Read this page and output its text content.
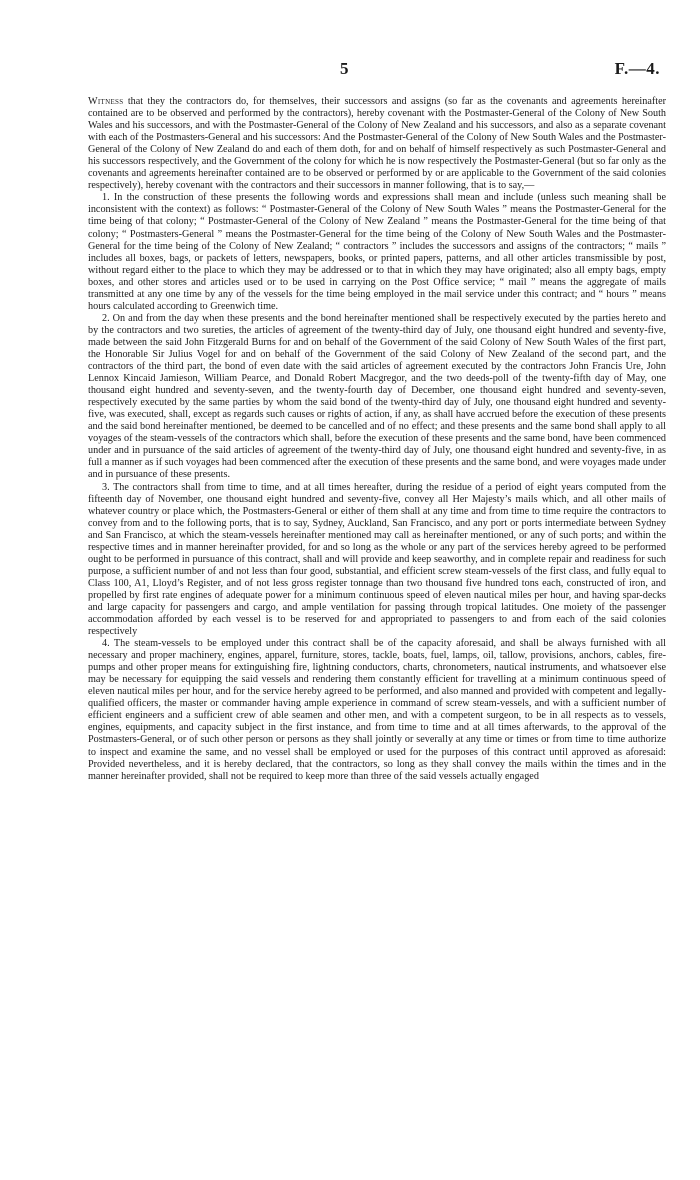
5	F.—4.

Witness that they the contractors do, for themselves, their successors and assigns (so far as the covenants and agreements hereinafter contained are to be observed and performed by the contractors), hereby covenant with the Postmaster-General of the Colony of New South Wales and his successors, and with the Postmaster-General of the Colony of New Zealand and his successors, and also as a separate covenant with each of the Postmasters-General and his successors: And the Postmaster-General of the Colony of New South Wales and the Postmaster-General of the Colony of New Zealand do and each of them doth, for and on behalf of himself respectively as such Postmaster-General and his successors respectively, and the Government of the colony for which he is now respectively the Postmaster-General (but so far only as the covenants and agreements hereinafter contained are to be observed or performed by or are applicable to the Government of the said colonies respectively), hereby covenant with the contractors and their successors in manner following, that is to say,—

1. In the construction of these presents the following words and expressions shall mean and include (unless such meaning shall be inconsistent with the context) as follows: “ Postmaster-General of the Colony of New South Wales ” means the Postmaster-General for the time being of that colony; “ Postmaster-General of the Colony of New Zealand ” means the Postmaster-General for the time being of that colony; “ Postmasters-General ” means the Postmaster-General for the time being of the Colony of New South Wales and the Postmaster-General for the time being of the Colony of New Zealand; “ contractors ” includes the successors and assigns of the contractors; “ mails ” includes all boxes, bags, or packets of letters, newspapers, books, or printed papers, patterns, and all other articles transmissible by post, without regard either to the place to which they may be addressed or to that in which they may have originated; also all empty bags, empty boxes, and other stores and articles used or to be used in carrying on the Post Office service; “ mail ” means the aggregate of mails transmitted at any one time by any of the vessels for the time being employed in the mail service under this contract; and “ hours ” means hours calculated according to Greenwich time.

2. On and from the day when these presents and the bond hereinafter mentioned shall be respectively executed by the parties hereto and by the contractors and two sureties, the articles of agreement of the twenty-third day of July, one thousand eight hundred and seventy-five, made between the said John Fitzgerald Burns for and on behalf of the Government of the said Colony of New South Wales of the first part, the Honorable Sir Julius Vogel for and on behalf of the Government of the said Colony of New Zealand of the second part, and the contractors of the third part, the bond of even date with the said articles of agreement executed by the contractors John Francis Ure, John Lennox Kincaid Jamieson, William Pearce, and Donald Robert Macgregor, and the two deeds-poll of the twenty-fifth day of May, one thousand eight hundred and seventy-seven, and the twenty-fourth day of December, one thousand eight hundred and seventy-seven, respectively executed by the same parties by whom the said bond of the twenty-third day of July, one thousand eight hundred and seventy-five, was executed, shall, except as regards such causes or rights of action, if any, as shall have accrued before the execution of these presents and the said bond hereinafter mentioned, be deemed to be cancelled and of no effect; and these presents and the same bond shall apply to all voyages of the steam-vessels of the contractors which shall, before the execution of these presents and the same bond, have been commenced under and in pursuance of the said articles of agreement of the twenty-third day of July, one thousand eight hundred and seventy-five, in as full a manner as if such voyages had been commenced after the execution of these presents and the same bond, and were voyages made under and in pursuance of these presents.

3. The contractors shall from time to time, and at all times hereafter, during the residue of a period of eight years computed from the fifteenth day of November, one thousand eight hundred and seventy-five, convey all Her Majesty’s mails which, and all other mails of whatever country or place which, the Postmasters-General or either of them shall at any time and from time to time require the contractors to convey from and to the following ports, that is to say, Sydney, Auckland, San Francisco, and any port or ports intermediate between Sydney and San Francisco, at which the steam-vessels hereinafter mentioned may call as hereinafter mentioned, or any of such ports; and within the respective times and in manner hereinafter provided, for and so long as the whole or any part of the services hereby agreed to be performed ought to be performed in pursuance of this contract, shall and will provide and keep seaworthy, and in complete repair and readiness for such purpose, a sufficient number of and not less than four good, substantial, and efficient screw steam-vessels of the first class, and fully equal to Class 100, A1, Lloyd’s Register, and of not less gross register tonnage than two thousand five hundred tons each, constructed of iron, and propelled by first rate engines of adequate power for a minimum continuous speed of eleven nautical miles per hour, and having spar-decks and large capacity for passengers and cargo, and ample ventilation for passing through tropical latitudes. One moiety of the passenger accommodation afforded by each vessel is to be reserved for and appropriated to passengers to and from each of the said colonies respectively

4. The steam-vessels to be employed under this contract shall be of the capacity aforesaid, and shall be always furnished with all necessary and proper machinery, engines, apparel, furniture, stores, tackle, boats, fuel, lamps, oil, tallow, provisions, anchors, cables, fire-pumps and other proper means for extinguishing fire, lightning conductors, charts, chronometers, nautical instruments, and whatsoever else may be necessary for equipping the said vessels and rendering them constantly efficient for travelling at a minimum continuous speed of eleven nautical miles per hour, and for the service hereby agreed to be performed, and also manned and provided with competent and legally-qualified officers, the master or commander having ample experience in command of screw steam-vessels, and with a sufficient number of efficient engineers and a sufficient crew of able seamen and other men, and with a competent surgeon, to be in all respects as to vessels, engines, equipments, and capacity subject in the first instance, and from time to time and at all times afterwards, to the approval of the Postmasters-General, or of such other person or persons as they shall jointly or severally at any time or times or from time to time authorize to inspect and examine the same, and no vessel shall be employed or used for the purposes of this contract until approved as aforesaid: Provided nevertheless, and it is hereby declared, that the contractors, so long as they shall convey the mails within the times and in the manner hereinafter provided, shall not be required to keep more than three of the said vessels actually engaged
